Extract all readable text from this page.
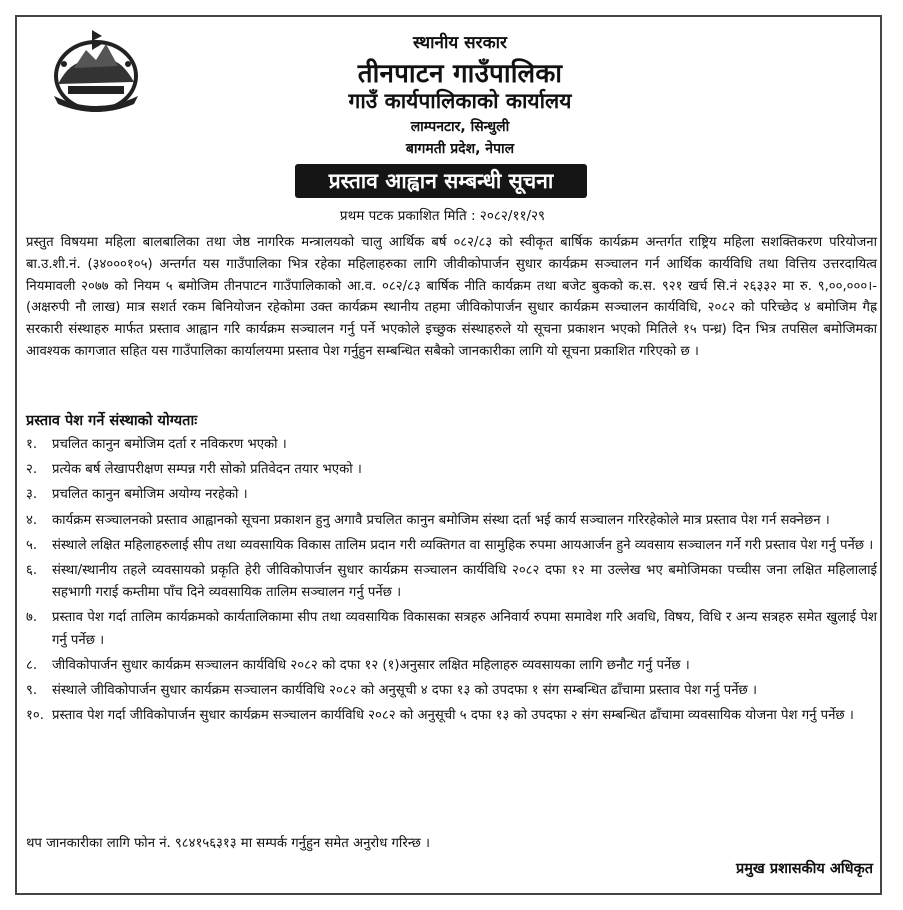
स्थानीय सरकार
तीनपाटन गाउँपालिका
गाउँ कार्यपालिकाको कार्यालय
लाम्पनटार, सिन्धुली
बागमती प्रदेश, नेपाल
प्रस्ताव आह्वान सम्बन्धी सूचना
प्रथम पटक प्रकाशित मिति : २०८२/११/२९
प्रस्तुत विषयमा महिला बालबालिका तथा जेष्ठ नागरिक मन्त्रालयको चालु आर्थिक बर्ष ०८२/८३ को स्वीकृत बार्षिक कार्यक्रम अन्तर्गत राष्ट्रिय महिला सशक्तिकरण परियोजना बा.उ.शी.नं. (३४०००१०५) अन्तर्गत यस गाउँपालिका भित्र रहेका महिलाहरुका लागि जीवीकोपार्जन सुधार कार्यक्रम सञ्चालन गर्न आर्थिक कार्यविधि तथा वित्तिय उत्तरदायित्व नियमावली २०७७ को नियम ५ बमोजिम तीनपाटन गाउँपालिकाको आ.व. ०८२/८३ बार्षिक नीति कार्यक्रम तथा बजेट बुकको क.स. ९२१ खर्च सि.नं २६३३२ मा रु. ९,००,०००।- (अक्षरुपी नौ लाख) मात्र सशर्त रकम बिनियोजन रहेकोमा उक्त कार्यक्रम स्थानीय तहमा जीविकोपार्जन सुधार कार्यक्रम सञ्चालन कार्यविधि, २०८२ को परिच्छेद ४ बमोजिम गैह्र सरकारी संस्थाहरु मार्फत प्रस्ताव आह्वान गरि कार्यक्रम सञ्चालन गर्नु पर्ने भएकोले इच्छुक संस्थाहरुले यो सूचना प्रकाशन भएको मितिले १५ पन्ध्र) दिन भित्र तपसिल बमोजिमका आवश्यक कागजात सहित यस गाउँपालिका कार्यालयमा प्रस्ताव पेश गर्नुहुन सम्बन्धित सबैको जानकारीका लागि यो सूचना प्रकाशित गरिएको छ ।
प्रस्ताव पेश गर्ने संस्थाको योग्यताः
१.	प्रचलित कानुन बमोजिम दर्ता र नविकरण भएको ।
२.	प्रत्येक बर्ष लेखापरीक्षण सम्पन्न गरी सोको प्रतिवेदन तयार भएको ।
३.	प्रचलित कानुन बमोजिम अयोग्य नरहेको ।
४.	कार्यक्रम सञ्चालनको प्रस्ताव आह्वानको सूचना प्रकाशन हुनु अगावै प्रचलित कानुन बमोजिम संस्था दर्ता भई कार्य सञ्चालन गरिरहेकोले मात्र प्रस्ताव पेश गर्न सक्नेछन ।
५.	संस्थाले लक्षित महिलाहरुलाई सीप तथा व्यवसायिक विकास तालिम प्रदान गरी व्यक्तिगत वा सामुहिक रुपमा आयआर्जन हुने व्यवसाय सञ्चालन गर्ने गरी प्रस्ताव पेश गर्नु पर्नेछ ।
६.	संस्था/स्थानीय तहले व्यवसायको प्रकृति हेरी जीविकोपार्जन सुधार कार्यक्रम सञ्चालन कार्यविधि २०८२ दफा १२ मा उल्लेख भए बमोजिमका पच्चीस जना लक्षित महिलालाई सहभागी गराई कम्तीमा पाँच दिने व्यवसायिक तालिम सञ्चालन गर्नु पर्नेछ ।
७.	प्रस्ताव पेश गर्दा तालिम कार्यक्रमको कार्यतालिकामा सीप तथा व्यवसायिक विकासका सत्रहरु अनिवार्य रुपमा समावेश गरि अवधि, विषय, विधि र अन्य सत्रहरु समेत खुलाई पेश गर्नु पर्नेछ ।
८.	जीविकोपार्जन सुधार कार्यक्रम सञ्चालन कार्यविधि २०८२ को दफा १२ (१)अनुसार लक्षित महिलाहरु व्यवसायका लागि छनौट गर्नु पर्नेछ ।
९.	संस्थाले जीविकोपार्जन सुधार कार्यक्रम सञ्चालन कार्यविधि २०८२ को अनुसूची ४ दफा १३ को उपदफा १ संग सम्बन्धित ढाँचामा प्रस्ताव पेश गर्नु पर्नेछ ।
१०. प्रस्ताव पेश गर्दा जीविकोपार्जन सुधार कार्यक्रम सञ्चालन कार्यविधि २०८२ को अनुसूची ५ दफा १३ को उपदफा २ संग सम्बन्धित ढाँचामा व्यवसायिक योजना पेश गर्नु पर्नेछ ।
थप जानकारीका लागि फोन नं. ९८४१५६३१३ मा सम्पर्क गर्नुहुन समेत अनुरोध गरिन्छ ।
प्रमुख प्रशासकीय अधिकृत
